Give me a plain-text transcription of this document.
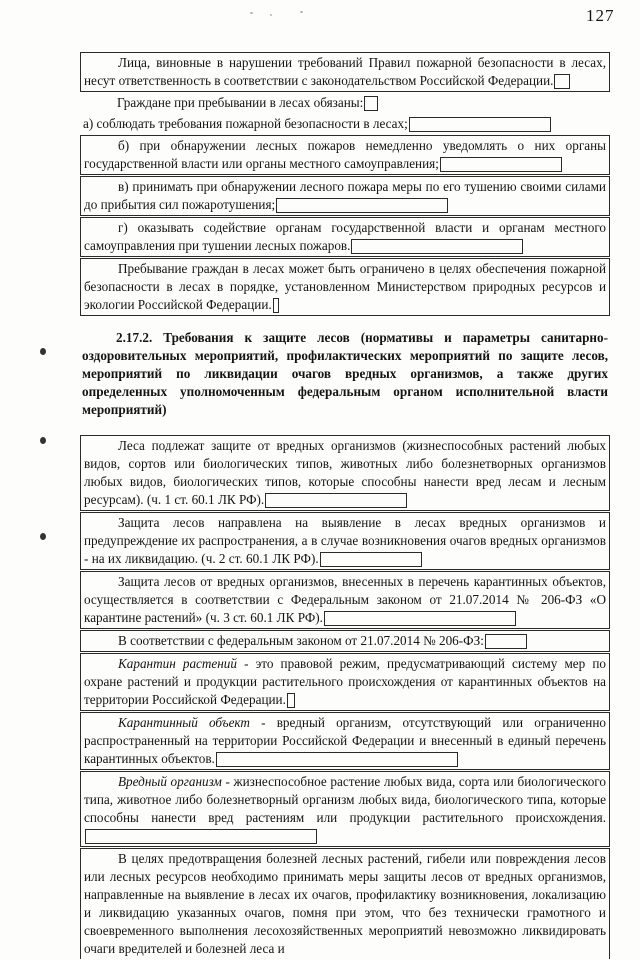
127
Лица, виновные в нарушении требований Правил пожарной безопасности в лесах, несут ответственность в соответствии с законодательством Российской Федерации.
Граждане при пребывании в лесах обязаны:
а) соблюдать требования пожарной безопасности в лесах;
б) при обнаружении лесных пожаров немедленно уведомлять о них органы государственной власти или органы местного самоуправления;
в) принимать при обнаружении лесного пожара меры по его тушению своими силами до прибытия сил пожаротушения;
г) оказывать содействие органам государственной власти и органам местного самоуправления при тушении лесных пожаров.
Пребывание граждан в лесах может быть ограничено в целях обеспечения пожарной безопасности в лесах в порядке, установленном Министерством природных ресурсов и экологии Российской Федерации.
2.17.2. Требования к защите лесов (нормативы и параметры санитарно-оздоровительных мероприятий, профилактических мероприятий по защите лесов, мероприятий по ликвидации очагов вредных организмов, а также других определенных уполномоченным федеральным органом исполнительной власти мероприятий)
Леса подлежат защите от вредных организмов (жизнеспособных растений любых видов, сортов или биологических типов, животных либо болезнетворных организмов любых видов, биологических типов, которые способны нанести вред лесам и лесным ресурсам). (ч. 1 ст. 60.1 ЛК РФ).
Защита лесов направлена на выявление в лесах вредных организмов и предупреждение их распространения, а в случае возникновения очагов вредных организмов - на их ликвидацию. (ч. 2 ст. 60.1 ЛК РФ).
Защита лесов от вредных организмов, внесенных в перечень карантинных объектов, осуществляется в соответствии с Федеральным законом от 21.07.2014 № 206-ФЗ «О карантине растений» (ч. 3 ст. 60.1 ЛК РФ).
В соответствии с федеральным законом от 21.07.2014 № 206-ФЗ:
Карантин растений - это правовой режим, предусматривающий систему мер по охране растений и продукции растительного происхождения от карантинных объектов на территории Российской Федерации.
Карантинный объект - вредный организм, отсутствующий или ограниченно распространенный на территории Российской Федерации и внесенный в единый перечень карантинных объектов.
Вредный организм - жизнеспособное растение любых вида, сорта или биологического типа, животное либо болезнетворный организм любых вида, биологического типа, которые способны нанести вред растениям или продукции растительного происхождения.
В целях предотвращения болезней лесных растений, гибели или повреждения лесов или лесных ресурсов необходимо принимать меры защиты лесов от вредных организмов, направленные на выявление в лесах их очагов, профилактику возникновения, локализацию и ликвидацию указанных очагов, помня при этом, что без технически грамотного и своевременного выполнения лесохозяйственных мероприятий невозможно ликвидировать очаги вредителей и болезней леса и
